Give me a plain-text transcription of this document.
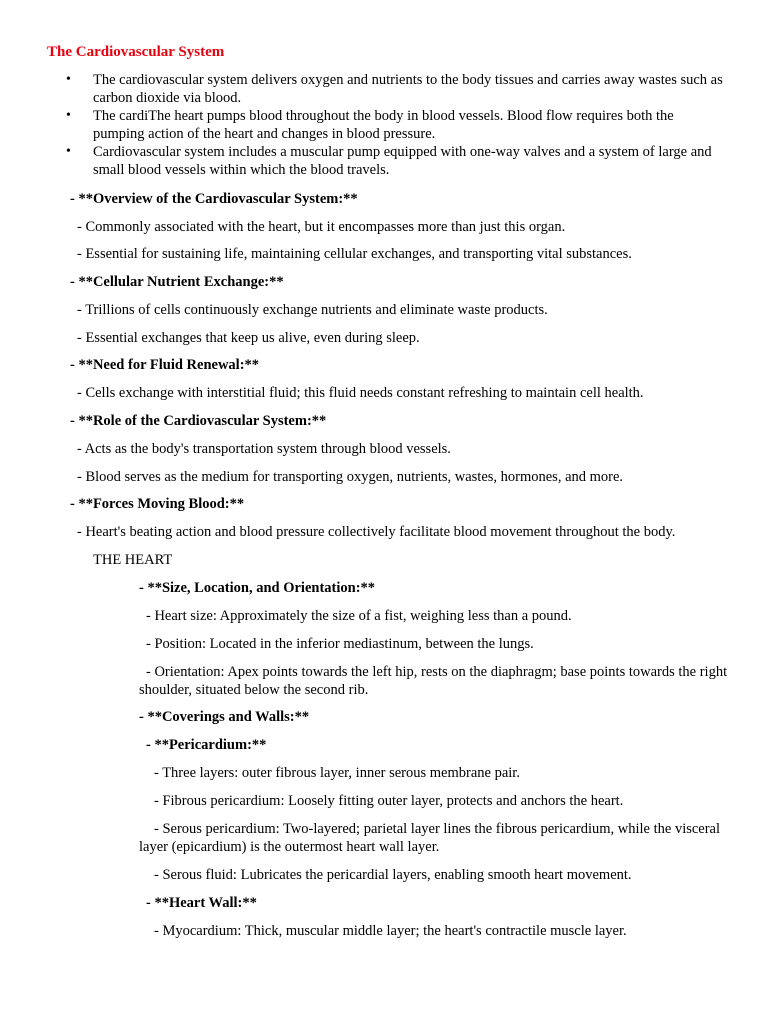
The Cardiovascular System
• The cardiovascular system delivers oxygen and nutrients to the body tissues and carries away wastes such as carbon dioxide via blood.
• The cardiThe heart pumps blood throughout the body in blood vessels. Blood flow requires both the pumping action of the heart and changes in blood pressure.
• Cardiovascular system includes a muscular pump equipped with one-way valves and a system of large and small blood vessels within which the blood travels.
- **Overview of the Cardiovascular System:**
- Commonly associated with the heart, but it encompasses more than just this organ.
- Essential for sustaining life, maintaining cellular exchanges, and transporting vital substances.
- **Cellular Nutrient Exchange:**
- Trillions of cells continuously exchange nutrients and eliminate waste products.
- Essential exchanges that keep us alive, even during sleep.
- **Need for Fluid Renewal:**
- Cells exchange with interstitial fluid; this fluid needs constant refreshing to maintain cell health.
- **Role of the Cardiovascular System:**
- Acts as the body's transportation system through blood vessels.
- Blood serves as the medium for transporting oxygen, nutrients, wastes, hormones, and more.
- **Forces Moving Blood:**
- Heart's beating action and blood pressure collectively facilitate blood movement throughout the body.
THE HEART
- **Size, Location, and Orientation:**
- Heart size: Approximately the size of a fist, weighing less than a pound.
- Position: Located in the inferior mediastinum, between the lungs.
- Orientation: Apex points towards the left hip, rests on the diaphragm; base points towards the right shoulder, situated below the second rib.
- **Coverings and Walls:**
- **Pericardium:**
- Three layers: outer fibrous layer, inner serous membrane pair.
- Fibrous pericardium: Loosely fitting outer layer, protects and anchors the heart.
- Serous pericardium: Two-layered; parietal layer lines the fibrous pericardium, while the visceral layer (epicardium) is the outermost heart wall layer.
- Serous fluid: Lubricates the pericardial layers, enabling smooth heart movement.
- **Heart Wall:**
- Myocardium: Thick, muscular middle layer; the heart's contractile muscle layer.
